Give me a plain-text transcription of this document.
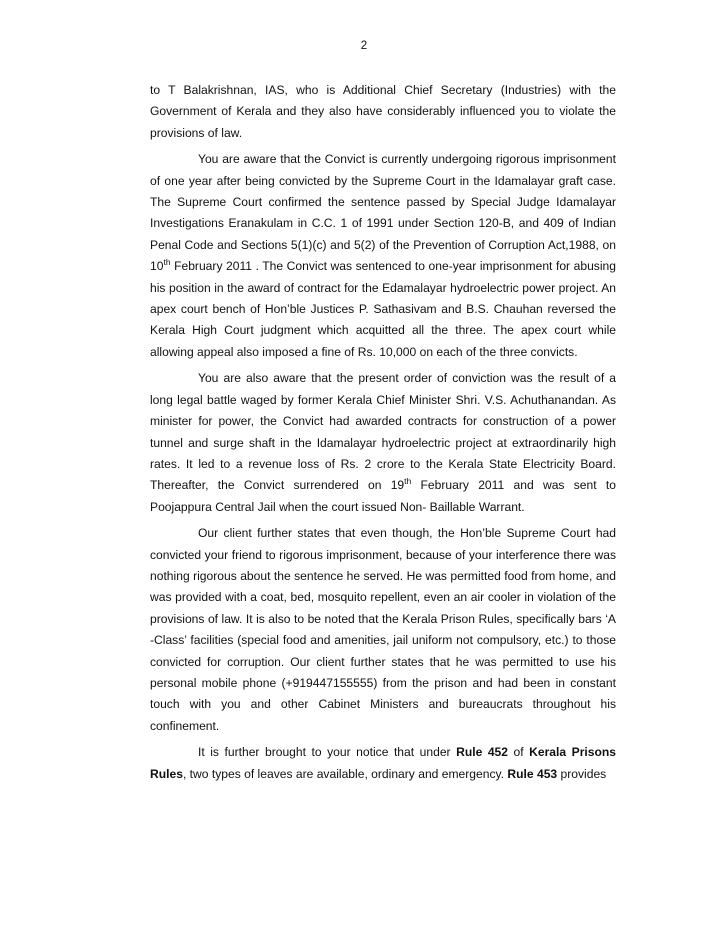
2

to T Balakrishnan, IAS, who is Additional Chief Secretary (Industries) with the Government of Kerala and they also have considerably influenced you to violate the provisions of law.

You are aware that the Convict is currently undergoing rigorous imprisonment of one year after being convicted by the Supreme Court in the Idamalayar graft case. The Supreme Court confirmed the sentence passed by Special Judge Idamalayar Investigations Eranakulam in C.C. 1 of 1991 under Section 120-B, and 409 of Indian Penal Code and Sections 5(1)(c) and 5(2) of the Prevention of Corruption Act,1988, on 10th February 2011 . The Convict was sentenced to one-year imprisonment for abusing his position in the award of contract for the Edamalayar hydroelectric power project. An apex court bench of Hon’ble Justices P. Sathasivam and B.S. Chauhan reversed the Kerala High Court judgment which acquitted all the three. The apex court while allowing appeal also imposed a fine of Rs. 10,000 on each of the three convicts.

You are also aware that the present order of conviction was the result of a long legal battle waged by former Kerala Chief Minister Shri. V.S. Achuthanandan. As minister for power, the Convict had awarded contracts for construction of a power tunnel and surge shaft in the Idamalayar hydroelectric project at extraordinarily high rates. It led to a revenue loss of Rs. 2 crore to the Kerala State Electricity Board. Thereafter, the Convict surrendered on 19th February 2011 and was sent to Poojappura Central Jail when the court issued Non- Baillable Warrant.

Our client further states that even though, the Hon’ble Supreme Court had convicted your friend to rigorous imprisonment, because of your interference there was nothing rigorous about the sentence he served. He was permitted food from home, and was provided with a coat, bed, mosquito repellent, even an air cooler in violation of the provisions of law. It is also to be noted that the Kerala Prison Rules, specifically bars ‘A -Class’ facilities (special food and amenities, jail uniform not compulsory, etc.) to those convicted for corruption. Our client further states that he was permitted to use his personal mobile phone (+919447155555) from the prison and had been in constant touch with you and other Cabinet Ministers and bureaucrats throughout his confinement.

It is further brought to your notice that under Rule 452 of Kerala Prisons Rules, two types of leaves are available, ordinary and emergency. Rule 453 provides
